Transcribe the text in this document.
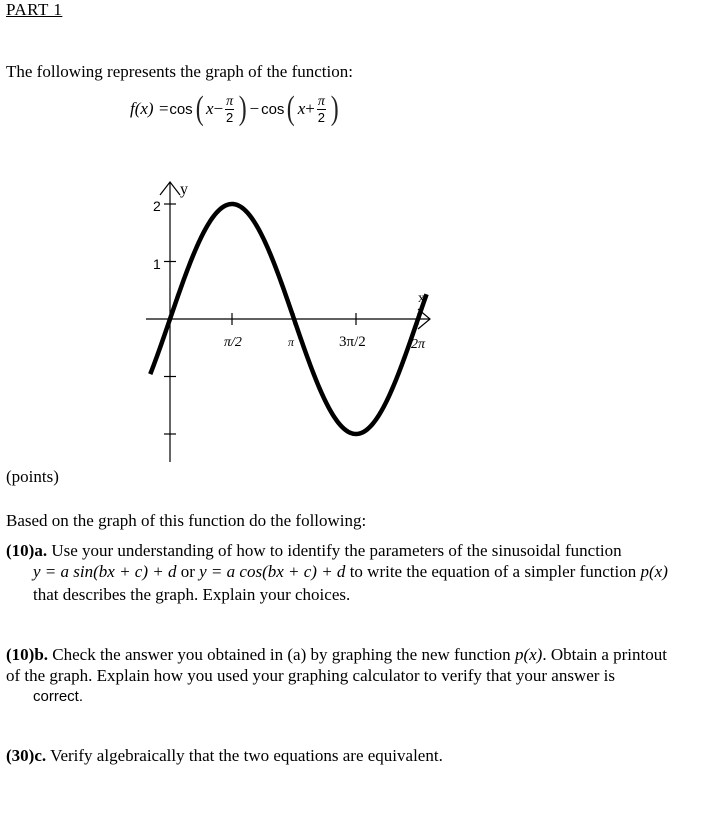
PART 1
The following represents the graph of the function:
f(x) = cos ( $x - \frac{\pi}{2}$ ) − cos ( $x + \frac{\pi}{2}$ )
y
x
2
1
π/2	π	3π/2	2π
(points)
Based on the graph of this function do the following:
(10)a. Use your understanding of how to identify the parameters of the sinusoidal function
y = a sin(bx + c) + d or y = a cos(bx + c) + d to write the equation of a simpler function p(x)
that describes the graph. Explain your choices.
(10)b. Check the answer you obtained in (a) by graphing the new function p(x). Obtain a printout
of the graph. Explain how you used your graphing calculator to verify that your answer is
correct.
(30)c. Verify algebraically that the two equations are equivalent.
